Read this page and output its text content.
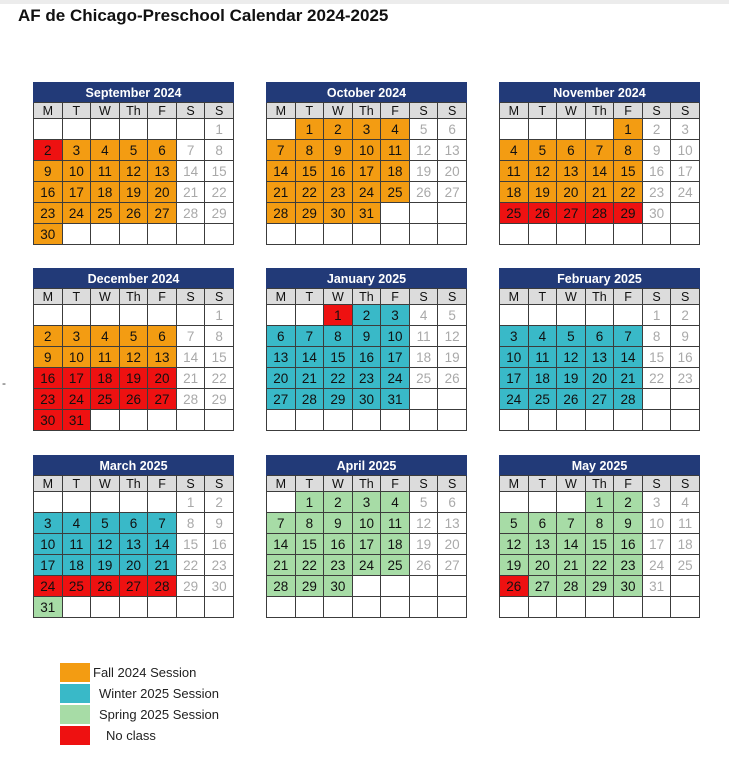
AF de Chicago-Preschool Calendar 2024-2025
-
September 2024						
M	T	W	Th	F	S	S
						1
2	3	4	5	6	7	8
9	10	11	12	13	14	15
16	17	18	19	20	21	22
23	24	25	26	27	28	29
30						
October 2024						
M	T	W	Th	F	S	S
	1	2	3	4	5	6
7	8	9	10	11	12	13
14	15	16	17	18	19	20
21	22	23	24	25	26	27
28	29	30	31			

November 2024						
M	T	W	Th	F	S	S
				1	2	3
4	5	6	7	8	9	10
11	12	13	14	15	16	17
18	19	20	21	22	23	24
25	26	27	28	29	30	

December 2024						
M	T	W	Th	F	S	S
						1
2	3	4	5	6	7	8
9	10	11	12	13	14	15
16	17	18	19	20	21	22
23	24	25	26	27	28	29
30	31					
January 2025						
M	T	W	Th	F	S	S
		1	2	3	4	5
6	7	8	9	10	11	12
13	14	15	16	17	18	19
20	21	22	23	24	25	26
27	28	29	30	31		

February 2025						
M	T	W	Th	F	S	S
					1	2
3	4	5	6	7	8	9
10	11	12	13	14	15	16
17	18	19	20	21	22	23
24	25	26	27	28		

March 2025						
M	T	W	Th	F	S	S
					1	2
3	4	5	6	7	8	9
10	11	12	13	14	15	16
17	18	19	20	21	22	23
24	25	26	27	28	29	30
31						
April 2025						
M	T	W	Th	F	S	S
	1	2	3	4	5	6
7	8	9	10	11	12	13
14	15	16	17	18	19	20
21	22	23	24	25	26	27
28	29	30				

May 2025						
M	T	W	Th	F	S	S
			1	2	3	4
5	6	7	8	9	10	11
12	13	14	15	16	17	18
19	20	21	22	23	24	25
26	27	28	29	30	31	

Fall 2024 Session
Winter 2025 Session
Spring 2025 Session
No class
